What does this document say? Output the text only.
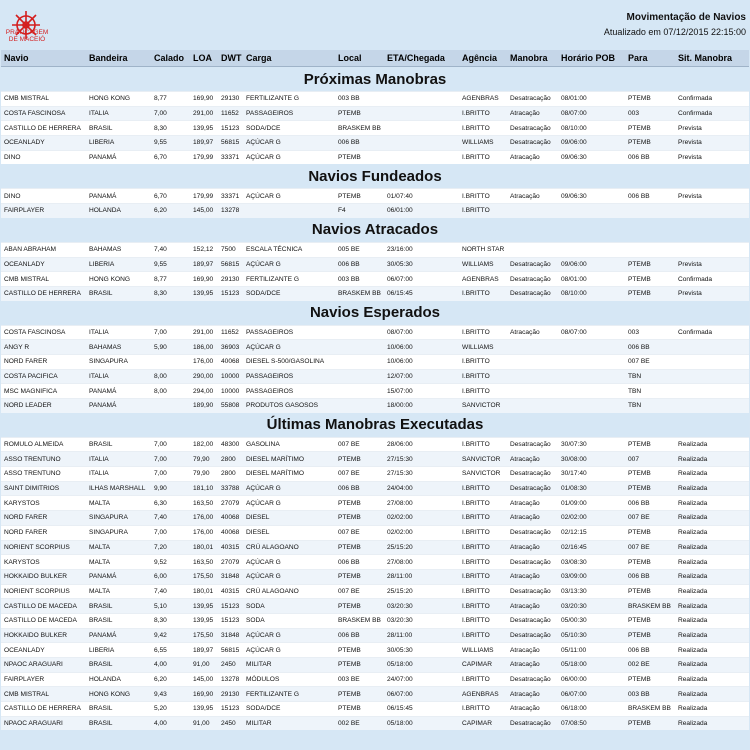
PRATICAGEM
DE MACEIÓ
Movimentação de Navios
Atualizado em 07/12/2015 22:15:00
Navio	Bandeira	Calado	LOA	DWT	Carga	Local	ETA/Chegada	Agência	Manobra	Horário POB	Para	Sit. Manobra
Próximas Manobras												
CMB MISTRAL	HONG KONG	8,77	169,90	29130	FERTILIZANTE G	003 BB		AGENBRAS	Desatracação	08/01:00	PTEMB	Confirmada
COSTA FASCINOSA	ITALIA	7,00	291,00	11652	PASSAGEIROS	PTEMB		I.BRITTO	Atracação	08/07:00	003	Confirmada
CASTILLO DE HERRERA	BRASIL	8,30	139,95	15123	SODA/DCE	BRASKEM BB		I.BRITTO	Desatracação	08/10:00	PTEMB	Prevista
OCEANLADY	LIBERIA	9,55	189,97	56815	AÇÚCAR G	006 BB		WILLIAMS	Desatracação	09/06:00	PTEMB	Prevista
DINO	PANAMÁ	6,70	179,99	33371	AÇÚCAR G	PTEMB		I.BRITTO	Atracação	09/06:30	006 BB	Prevista
Navios Fundeados												
DINO	PANAMÁ	6,70	179,99	33371	AÇÚCAR G	PTEMB	01/07:40	I.BRITTO	Atracação	09/06:30	006 BB	Prevista
FAIRPLAYER	HOLANDA	6,20	145,00	13278		F4	06/01:00	I.BRITTO				
Navios Atracados												
ABAN ABRAHAM	BAHAMAS	7,40	152,12	7500	ESCALA TÉCNICA	005 BE	23/16:00	NORTH STAR				
OCEANLADY	LIBERIA	9,55	189,97	56815	AÇÚCAR G	006 BB	30/05:30	WILLIAMS	Desatracação	09/06:00	PTEMB	Prevista
CMB MISTRAL	HONG KONG	8,77	169,90	29130	FERTILIZANTE G	003 BB	06/07:00	AGENBRAS	Desatracação	08/01:00	PTEMB	Confirmada
CASTILLO DE HERRERA	BRASIL	8,30	139,95	15123	SODA/DCE	BRASKEM BB	06/15:45	I.BRITTO	Desatracação	08/10:00	PTEMB	Prevista
Navios Esperados												
COSTA FASCINOSA	ITALIA	7,00	291,00	11652	PASSAGEIROS		08/07:00	I.BRITTO	Atracação	08/07:00	003	Confirmada
ANGY R	BAHAMAS	5,90	186,00	36903	AÇÚCAR G		10/06:00	WILLIAMS			006 BB	
NORD FARER	SINGAPURA		176,00	40068	DIESEL S-500/GASOLINA		10/06:00	I.BRITTO			007 BE	
COSTA PACIFICA	ITALIA	8,00	290,00	10000	PASSAGEIROS		12/07:00	I.BRITTO			TBN	
MSC MAGNIFICA	PANAMÁ	8,00	294,00	10000	PASSAGEIROS		15/07:00	I.BRITTO			TBN	
NORD LEADER	PANAMÁ		189,90	55808	PRODUTOS GASOSOS		18/00:00	SANVICTOR			TBN	
Últimas Manobras Executadas												
ROMULO ALMEIDA	BRASIL	7,00	182,00	48300	GASOLINA	007 BE	28/06:00	I.BRITTO	Desatracação	30/07:30	PTEMB	Realizada
ASSO TRENTUNO	ITALIA	7,00	79,90	2800	DIESEL MARÍTIMO	PTEMB	27/15:30	SANVICTOR	Atracação	30/08:00	007	Realizada
ASSO TRENTUNO	ITALIA	7,00	79,90	2800	DIESEL MARÍTIMO	007 BE	27/15:30	SANVICTOR	Desatracação	30/17:40	PTEMB	Realizada
SAINT DIMITRIOS	ILHAS MARSHALL	9,90	181,10	33788	AÇÚCAR G	006 BB	24/04:00	I.BRITTO	Desatracação	01/08:30	PTEMB	Realizada
KARYSTOS	MALTA	6,30	163,50	27079	AÇÚCAR G	PTEMB	27/08:00	I.BRITTO	Atracação	01/09:00	006 BB	Realizada
NORD FARER	SINGAPURA	7,40	176,00	40068	DIESEL	PTEMB	02/02:00	I.BRITTO	Atracação	02/02:00	007 BE	Realizada
NORD FARER	SINGAPURA	7,00	176,00	40068	DIESEL	007 BE	02/02:00	I.BRITTO	Desatracação	02/12:15	PTEMB	Realizada
NORIENT SCORPIUS	MALTA	7,20	180,01	40315	CRÚ ALAGOANO	PTEMB	25/15:20	I.BRITTO	Atracação	02/16:45	007 BE	Realizada
KARYSTOS	MALTA	9,52	163,50	27079	AÇÚCAR G	006 BB	27/08:00	I.BRITTO	Desatracação	03/08:30	PTEMB	Realizada
HOKKAIDO BULKER	PANAMÁ	6,00	175,50	31848	AÇÚCAR G	PTEMB	28/11:00	I.BRITTO	Atracação	03/09:00	006 BB	Realizada
NORIENT SCORPIUS	MALTA	7,40	180,01	40315	CRÚ ALAGOANO	007 BE	25/15:20	I.BRITTO	Desatracação	03/13:30	PTEMB	Realizada
CASTILLO DE MACEDA	BRASIL	5,10	139,95	15123	SODA	PTEMB	03/20:30	I.BRITTO	Atracação	03/20:30	BRASKEM BB	Realizada
CASTILLO DE MACEDA	BRASIL	8,30	139,95	15123	SODA	BRASKEM BB	03/20:30	I.BRITTO	Desatracação	05/00:30	PTEMB	Realizada
HOKKAIDO BULKER	PANAMÁ	9,42	175,50	31848	AÇÚCAR G	006 BB	28/11:00	I.BRITTO	Desatracação	05/10:30	PTEMB	Realizada
OCEANLADY	LIBERIA	6,55	189,97	56815	AÇÚCAR G	PTEMB	30/05:30	WILLIAMS	Atracação	05/11:00	006 BB	Realizada
NPAOC ARAGUARI	BRASIL	4,00	91,00	2450	MILITAR	PTEMB	05/18:00	CAPIMAR	Atracação	05/18:00	002 BE	Realizada
FAIRPLAYER	HOLANDA	6,20	145,00	13278	MÓDULOS	003 BE	24/07:00	I.BRITTO	Desatracação	06/00:00	PTEMB	Realizada
CMB MISTRAL	HONG KONG	9,43	169,90	29130	FERTILIZANTE G	PTEMB	06/07:00	AGENBRAS	Atracação	06/07:00	003 BB	Realizada
CASTILLO DE HERRERA	BRASIL	5,20	139,95	15123	SODA/DCE	PTEMB	06/15:45	I.BRITTO	Atracação	06/18:00	BRASKEM BB	Realizada
NPAOC ARAGUARI	BRASIL	4,00	91,00	2450	MILITAR	002 BE	05/18:00	CAPIMAR	Desatracação	07/08:50	PTEMB	Realizada
